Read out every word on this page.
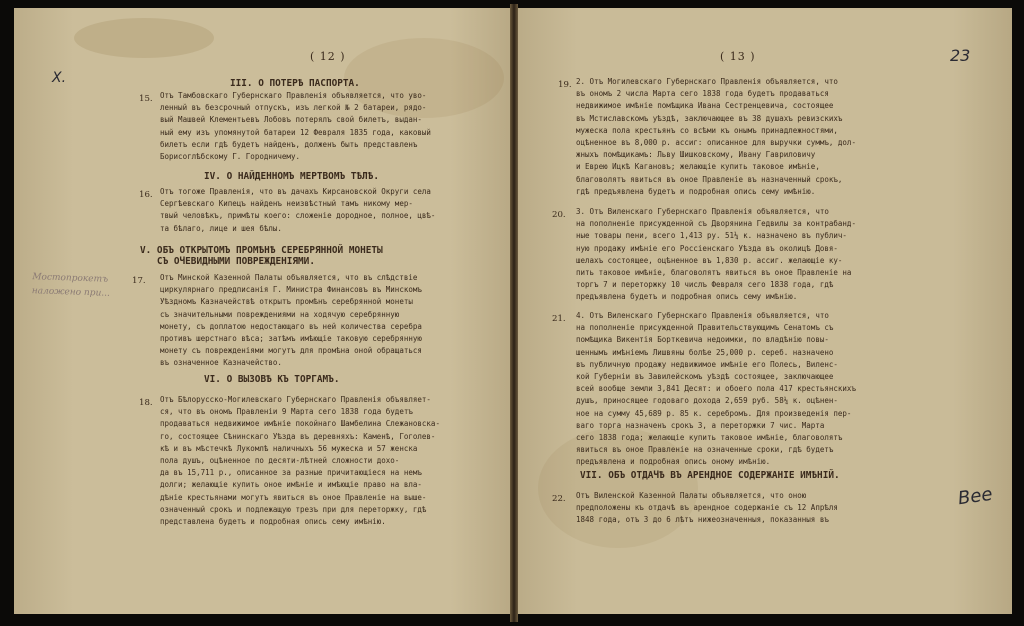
( 12 )
X.	III. О ПОТЕРѢ ПАСПОРТА.
15. Отъ Тамбовскаго Губернскаго Правленія объявляется, что уво-
ленный въ безсрочный отпускъ, изъ легкой № 2 батареи, рядо-
вый Машвей Клементьевъ Лобовъ потерялъ свой билетъ, выдан-
ный ему изъ упомянутой батареи 12 Февраля 1835 года, каковый
билетъ если гдѣ будетъ найденъ, долженъ быть представленъ
Борисоглѣбскому Г. Городничему.
IV. О НАЙДЕННОМЪ МЕРТВОМЪ ТѢЛѢ.
16. Отъ тогоже Правленія, что въ дачахъ Кирсановской Округи села
Сергѣевскаго Кипецъ найденъ неизвѣстный тамъ никому мер-
твый человѣкъ, примѣты коего: сложеніе дородное, полное, цвѣ-
та бѣлаго, лице и шея бѣлы.
V. ОБЪ ОТКРЫТОМЪ ПРОМѢНѢ СЕРЕБРЯННОЙ МОНЕТЫ
СЪ ОЧЕВИДНЫМИ ПОВРЕЖДЕНІЯМИ.
17. Отъ Минской Казенной Палаты объявляется, что въ слѣдствіе
циркулярнаго предписанія Г. Министра Финансовъ въ Минскомъ
Уѣздномъ Казначействѣ открытъ промѣнъ серебрянной монеты
съ значительными повреждениями на ходячую серебрянную
монету, съ доплатою недостающаго въ ней количества серебра
противъ шерстнаго вѣса; затѣмъ имѣющіе таковую серебрянную
монету съ поврежденіями могутъ для промѣна оной обращаться
въ означенное Казначейство.
Мостопрокетъ наложено при...
VI. О ВЫЗОВѢ КЪ ТОРГАМЪ.
18. Отъ Бѣлорусско-Могилевскаго Губернскаго Правленія объявляет-
ся, что въ ономъ Правленіи 9 Марта сего 1838 года будетъ
продаваться недвижимое имѣніе покойнаго Шамбелина Слежановска-
го, состоящее Сѣнинскаго Уѣзда въ деревняхъ: Каменѣ, Гоголев-
кѣ и въ мѣстечкѣ Лукомлѣ наличныхъ 56 мужеска и 57 женска
пола душъ, оцѣненное по десяти-лѣтней сложности дохо-
да въ 15,711 р., описанное за разные причитающіеся на немъ
долги; желающіе купить оное имѣніе и имѣющіе право на вла-
дѣніе крестьянами могутъ явиться въ оное Правленіе на выше-
означенный срокъ и подлежащую трезъ при для переторжку, гдѣ
представлена будетъ и подробная опись сему имѣнію.
( 13 )	23
19. 2. Отъ Могилевскаго Губернскаго Правленія объявляется, что
въ ономъ 2 числа Марта сего 1838 года будетъ продаваться
недвижимое имѣніе помѣщика Ивана Сестренцевича, состоящее
въ Мстиславскомъ уѣздѣ, заключающее въ 38 душахъ ревизскихъ
мужеска пола крестьянъ со всѣми къ онымъ принадлежностями,
оцѣненное въ 8,000 р. ассиг: описанное для выручки суммъ, дол-
жныхъ помѣщикамъ: Льву Шишковскому, Ивану Гавриловичу
и Еврею Ицкѣ Кагановъ; желающіе купить таковое имѣніе,
благоволятъ явиться въ оное Правленіе въ назначенный срокъ,
гдѣ предъявлена будетъ и подробная опись сему имѣнію.
20. 3. Отъ Виленскаго Губернскаго Правленія объявляется, что
на пополненіе присужденной съ Дворянина Гедвилы за контрабанд-
ные товары пени, всего 1,413 ру. 51¼ к. назначено въ публич-
ную продажу имѣніе его Россіенскаго Уѣзда въ околицѣ Довя-
шелахъ состоящее, оцѣненное въ 1,830 р. ассиг. желающіе ку-
пить таковое имѣніе, благоволятъ явиться въ оное Правленіе на
торгъ 7 и переторжку 10 числъ Февраля сего 1838 года, гдѣ
предъявлена будетъ и подробная опись сему имѣнію.
21. 4. Отъ Виленскаго Губернскаго Правленія объявляется, что
на пополненіе присужденной Правительствующимъ Сенатомъ съ
помѣщика Викентія Борткевича недоимки, по владѣнію повы-
шеннымъ имѣніемъ Лишвяны болѣе 25,000 р. сереб. назначено
въ публичную продажу недвижимое имѣніе его Полесь, Виленс-
кой Губерніи въ Завилейскомъ уѣздѣ состоящее, заключающее
всей вообще земли 3,841 Десят: и обоего пола 417 крестьянскихъ
душъ, приносящее годоваго дохода 2,659 руб. 58¼ к. оцѣнен-
ное на сумму 45,689 р. 85 к. серебромъ. Для произведенія пер-
ваго торга назначенъ срокъ 3, а переторжки 7 чис. Марта
сего 1838 года; желающіе купить таковое имѣніе, благоволятъ
явиться въ оное Правленіе на означенные сроки, гдѣ будетъ
предъявлена и подробная опись оному имѣнію.
VII. ОБЪ ОТДАЧѢ ВЪ АРЕНДНОЕ СОДЕРЖАНІЕ ИМѢНІЙ.
22. Отъ Виленской Казенной Палаты объявляется, что оною
предположены къ отдачѣ въ арендное содержаніе съ 12 Апрѣля
1848 года, отъ 3 до 6 лѣтъ нижеозначенныя, показанныя въ
Bee
